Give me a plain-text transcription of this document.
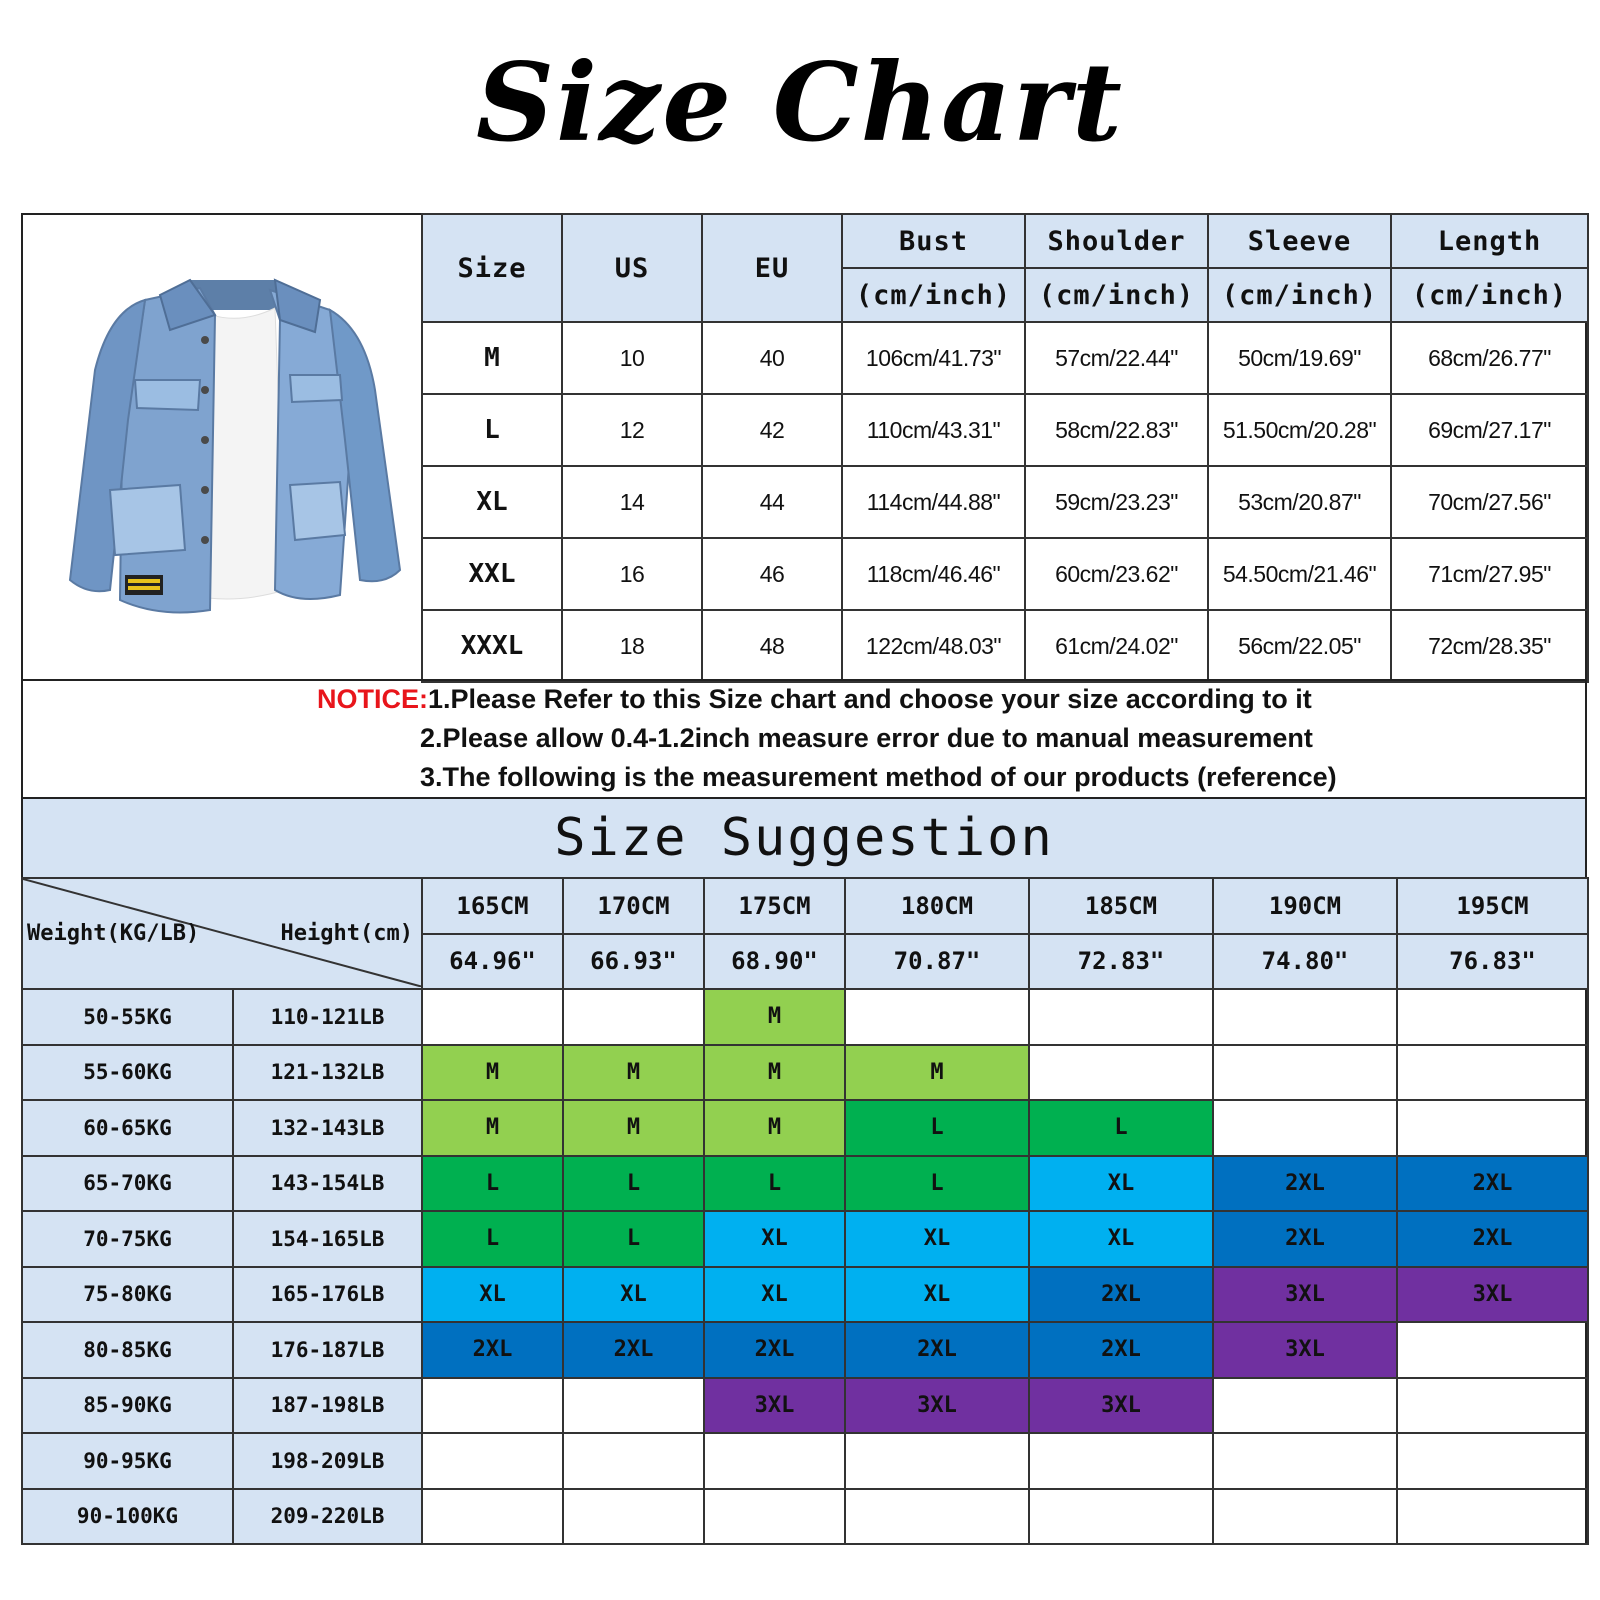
Size Chart
Size	US	EU	Bust	Shoulder	Sleeve	Length
			(cm/inch)	(cm/inch)	(cm/inch)	(cm/inch)
M	10	40	106cm/41.73"	57cm/22.44"	50cm/19.69"	68cm/26.77"
L	12	42	110cm/43.31"	58cm/22.83"	51.50cm/20.28"	69cm/27.17"
XL	14	44	114cm/44.88"	59cm/23.23"	53cm/20.87"	70cm/27.56"
XXL	16	46	118cm/46.46"	60cm/23.62"	54.50cm/21.46"	71cm/27.95"
XXXL	18	48	122cm/48.03"	61cm/24.02"	56cm/22.05"	72cm/28.35"
NOTICE:1.Please Refer to this Size chart and choose your size according to it
2.Please allow 0.4-1.2inch measure error due to manual measurement
3.The following is the measurement method of our products (reference)
Size Suggestion
Weight(KG/LB) Height(cm)		165CM	170CM	175CM	180CM	185CM	190CM	195CM
		64.96"	66.93"	68.90"	70.87"	72.83"	74.80"	76.83"
50-55KG	110-121LB			M				
55-60KG	121-132LB	M	M	M	M			
60-65KG	132-143LB	M	M	M	L	L		
65-70KG	143-154LB	L	L	L	L	XL	2XL	2XL
70-75KG	154-165LB	L	L	XL	XL	XL	2XL	2XL
75-80KG	165-176LB	XL	XL	XL	XL	2XL	3XL	3XL
80-85KG	176-187LB	2XL	2XL	2XL	2XL	2XL	3XL	
85-90KG	187-198LB			3XL	3XL	3XL		
90-95KG	198-209LB							
90-100KG	209-220LB							
